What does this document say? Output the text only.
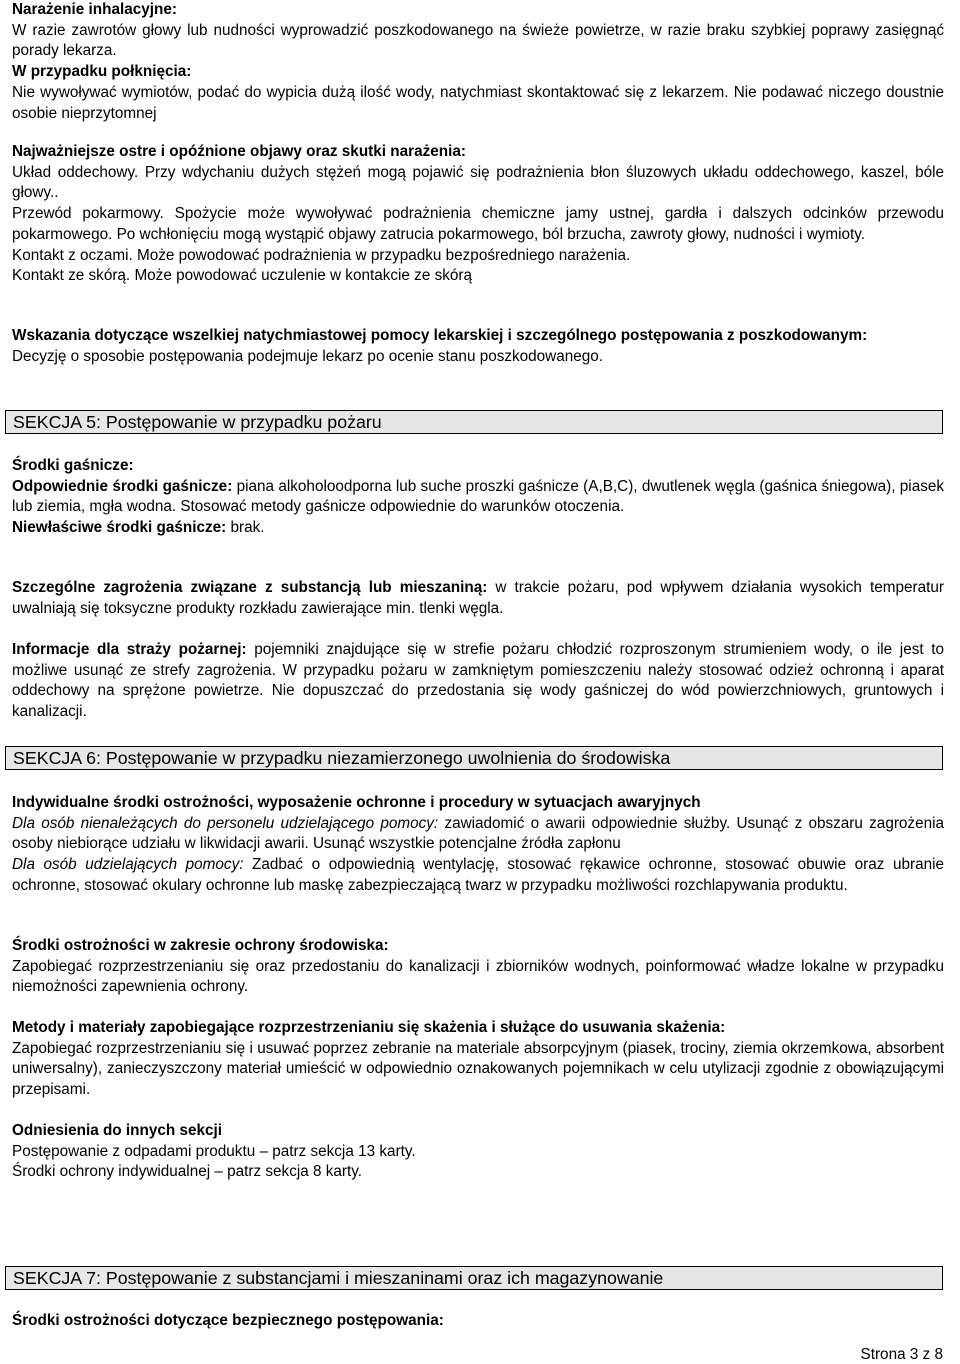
Narażenie inhalacyjne:

W razie zawrotów głowy lub nudności wyprowadzić poszkodowanego na świeże powietrze, w razie braku szybkiej poprawy zasięgnąć porady lekarza.

W przypadku połknięcia:

Nie wywoływać wymiotów, podać do wypicia dużą ilość wody, natychmiast skontaktować się z lekarzem. Nie podawać niczego doustnie osobie nieprzytomnej

Najważniejsze ostre i opóźnione objawy oraz skutki narażenia:

Układ oddechowy. Przy wdychaniu dużych stężeń mogą pojawić się podrażnienia błon śluzowych układu oddechowego, kaszel, bóle głowy..

Przewód pokarmowy. Spożycie może wywoływać podrażnienia chemiczne jamy ustnej, gardła i dalszych odcinków przewodu pokarmowego. Po wchłonięciu mogą wystąpić objawy zatrucia pokarmowego, ból brzucha, zawroty głowy, nudności i wymioty.

Kontakt z oczami. Może powodować podrażnienia w przypadku bezpośredniego narażenia.

Kontakt ze skórą. Może powodować uczulenie w kontakcie ze skórą

Wskazania dotyczące wszelkiej natychmiastowej pomocy lekarskiej i szczególnego postępowania z poszkodowanym:

Decyzję o sposobie postępowania podejmuje lekarz po ocenie stanu poszkodowanego.

SEKCJA 5: Postępowanie w przypadku pożaru

Środki gaśnicze:

Odpowiednie środki gaśnicze: piana alkoholoodporna lub suche proszki gaśnicze (A,B,C), dwutlenek węgla (gaśnica śniegowa), piasek lub ziemia, mgła wodna. Stosować metody gaśnicze odpowiednie do warunków otoczenia.

Niewłaściwe środki gaśnicze: brak.

Szczególne zagrożenia związane z substancją lub mieszaniną: w trakcie pożaru, pod wpływem działania wysokich temperatur uwalniają się toksyczne produkty rozkładu zawierające min. tlenki węgla.

Informacje dla straży pożarnej: pojemniki znajdujące się w strefie pożaru chłodzić rozproszonym strumieniem wody, o ile jest to możliwe usunąć ze strefy zagrożenia. W przypadku pożaru w zamkniętym pomieszczeniu należy stosować odzież ochronną i aparat oddechowy na sprężone powietrze. Nie dopuszczać do przedostania się wody gaśniczej do wód powierzchniowych, gruntowych i kanalizacji.

SEKCJA 6: Postępowanie w przypadku niezamierzonego uwolnienia do środowiska

Indywidualne środki ostrożności, wyposażenie ochronne i procedury w sytuacjach awaryjnych

Dla osób nienależących do personelu udzielającego pomocy: zawiadomić o awarii odpowiednie służby. Usunąć z obszaru zagrożenia osoby niebiorące udziału w likwidacji awarii. Usunąć wszystkie potencjalne źródła zapłonu

Dla osób udzielających pomocy: Zadbać o odpowiednią wentylację, stosować rękawice ochronne, stosować obuwie oraz ubranie ochronne, stosować okulary ochronne lub maskę zabezpieczającą twarz w przypadku możliwości rozchlapywania produktu.

Środki ostrożności w zakresie ochrony środowiska:

Zapobiegać rozprzestrzenianiu się oraz przedostaniu do kanalizacji i zbiorników wodnych, poinformować władze lokalne w przypadku niemożności zapewnienia ochrony.

Metody i materiały zapobiegające rozprzestrzenianiu się skażenia i służące do usuwania skażenia:

Zapobiegać rozprzestrzenianiu się i usuwać poprzez zebranie na materiale absorpcyjnym (piasek, trociny, ziemia okrzemkowa, absorbent uniwersalny), zanieczyszczony materiał umieścić w odpowiednio oznakowanych pojemnikach w celu utylizacji zgodnie z obowiązującymi przepisami.

Odniesienia do innych sekcji

Postępowanie z odpadami produktu – patrz sekcja 13 karty.

Środki ochrony indywidualnej – patrz sekcja 8 karty.

SEKCJA 7: Postępowanie z substancjami i mieszaninami oraz ich magazynowanie

Środki ostrożności dotyczące bezpiecznego postępowania:

Strona 3 z 8
